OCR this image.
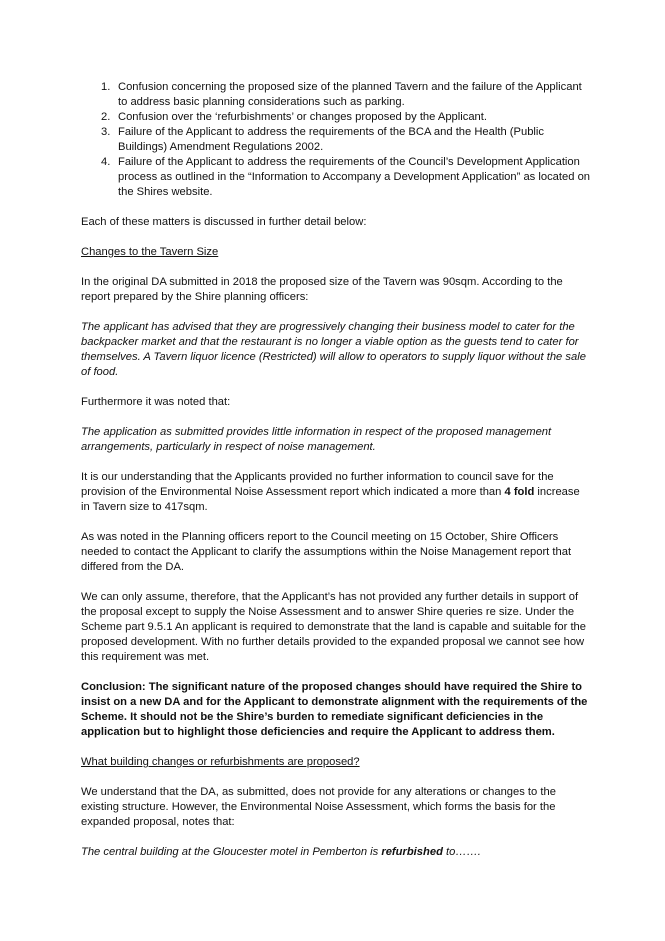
1. Confusion concerning the proposed size of the planned Tavern and the failure of the Applicant to address basic planning considerations such as parking.
2. Confusion over the ‘refurbishments’ or changes proposed by the Applicant.
3. Failure of the Applicant to address the requirements of the BCA and the Health (Public Buildings) Amendment Regulations 2002.
4. Failure of the Applicant to address the requirements of the Council’s Development Application process as outlined in the “Information to Accompany a Development Application” as located on the Shires website.

Each of these matters is discussed in further detail below:

Changes to the Tavern Size

In the original DA submitted in 2018 the proposed size of the Tavern was 90sqm. According to the report prepared by the Shire planning officers:

The applicant has advised that they are progressively changing their business model to cater for the backpacker market and that the restaurant is no longer a viable option as the guests tend to cater for themselves. A Tavern liquor licence (Restricted) will allow to operators to supply liquor without the sale of food.

Furthermore it was noted that:

The application as submitted provides little information in respect of the proposed management arrangements, particularly in respect of noise management.

It is our understanding that the Applicants provided no further information to council save for the provision of the Environmental Noise Assessment report which indicated a more than 4 fold increase in Tavern size to 417sqm.

As was noted in the Planning officers report to the Council meeting on 15 October, Shire Officers needed to contact the Applicant to clarify the assumptions within the Noise Management report that differed from the DA.

We can only assume, therefore, that the Applicant’s has not provided any further details in support of the proposal except to supply the Noise Assessment and to answer Shire queries re size. Under the Scheme part 9.5.1 An applicant is required to demonstrate that the land is capable and suitable for the proposed development. With no further details provided to the expanded proposal we cannot see how this requirement was met.

Conclusion: The significant nature of the proposed changes should have required the Shire to insist on a new DA and for the Applicant to demonstrate alignment with the requirements of the Scheme. It should not be the Shire’s burden to remediate significant deficiencies in the application but to highlight those deficiencies and require the Applicant to address them.

What building changes or refurbishments are proposed?

We understand that the DA, as submitted, does not provide for any alterations or changes to the existing structure. However, the Environmental Noise Assessment, which forms the basis for the expanded proposal, notes that:

The central building at the Gloucester motel in Pemberton is refurbished to…….
